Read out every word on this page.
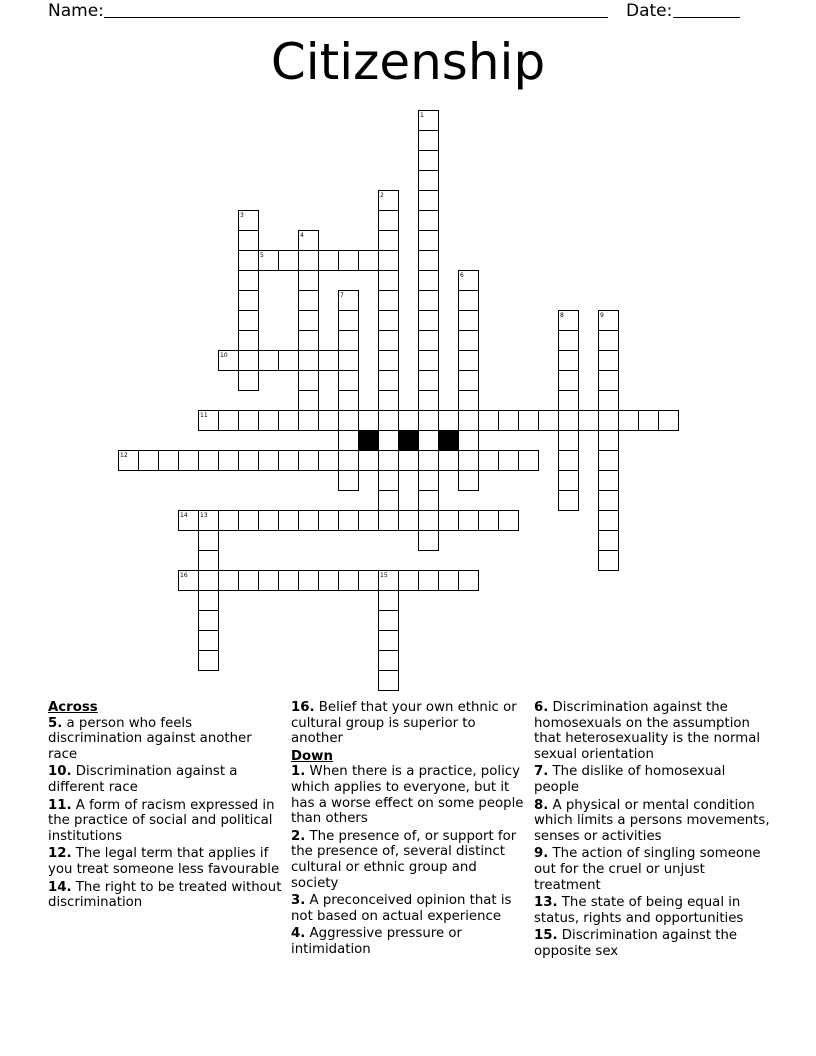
Name:	Date:
Citizenship
5
10
11
12
14
16
1
2
3
4
6
7
8	9
13
15
Across
5. a person who feels discrimination against another race
10. Discrimination against a different race
11. A form of racism expressed in the practice of social and political institutions
12. The legal term that applies if you treat someone less favourable
14. The right to be treated without discrimination
16. Belief that your own ethnic or cultural group is superior to another
Down
1. When there is a practice, policy which applies to everyone, but it has a worse effect on some people than others
2. The presence of, or support for the presence of, several distinct cultural or ethnic group and society
3. A preconceived opinion that is not based on actual experience
4. Aggressive pressure or intimidation
6. Discrimination against the homosexuals on the assumption that heterosexuality is the normal sexual orientation
7. The dislike of homosexual people
8. A physical or mental condition which limits a persons movements, senses or activities
9. The action of singling someone out for the cruel or unjust treatment
13. The state of being equal in status, rights and opportunities
15. Discrimination against the opposite sex
